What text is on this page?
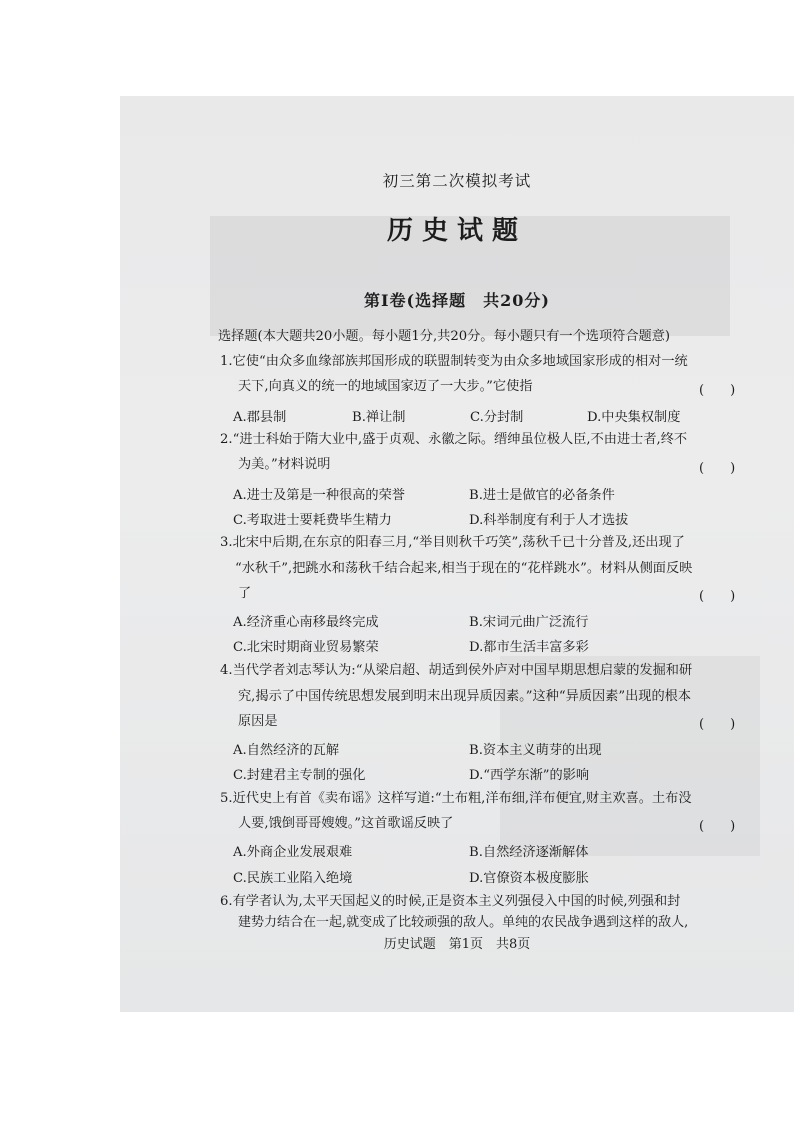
初三第二次模拟考试
历史试题
第Ⅰ卷(选择题　共20分)
选择题(本大题共20小题。每小题1分,共20分。每小题只有一个选项符合题意)
1.它使“由众多血缘部族邦国形成的联盟制转变为由众多地域国家形成的相对一统
天下,向真义的统一的地域国家迈了一大步。”它使指	(　　)
A.郡县制	B.禅让制	C.分封制	D.中央集权制度
2.“进士科始于隋大业中,盛于贞观、永徽之际。缙绅虽位极人臣,不由进士者,终不
为美。”材料说明	(　　)
A.进士及第是一种很高的荣誉	B.进士是做官的必备条件
C.考取进士要耗费毕生精力	D.科举制度有利于人才选拔
3.北宋中后期,在东京的阳春三月,“举目则秋千巧笑”,荡秋千已十分普及,还出现了
“水秋千”,把跳水和荡秋千结合起来,相当于现在的“花样跳水”。材料从侧面反映
了	(　　)
A.经济重心南移最终完成	B.宋词元曲广泛流行
C.北宋时期商业贸易繁荣	D.都市生活丰富多彩
4.当代学者刘志琴认为:“从梁启超、胡适到侯外庐对中国早期思想启蒙的发掘和研
究,揭示了中国传统思想发展到明末出现异质因素。”这种“异质因素”出现的根本
原因是	(　　)
A.自然经济的瓦解	B.资本主义萌芽的出现
C.封建君主专制的强化	D.“西学东渐”的影响
5.近代史上有首《卖布谣》这样写道:“土布粗,洋布细,洋布便宜,财主欢喜。土布没
人要,饿倒哥哥嫂嫂。”这首歌谣反映了	(　　)
A.外商企业发展艰难	B.自然经济逐渐解体
C.民族工业陷入绝境	D.官僚资本极度膨胀
6.有学者认为,太平天国起义的时候,正是资本主义列强侵入中国的时候,列强和封
建势力结合在一起,就变成了比较顽强的敌人。单纯的农民战争遇到这样的敌人,
历史试题　第1页　共8页
